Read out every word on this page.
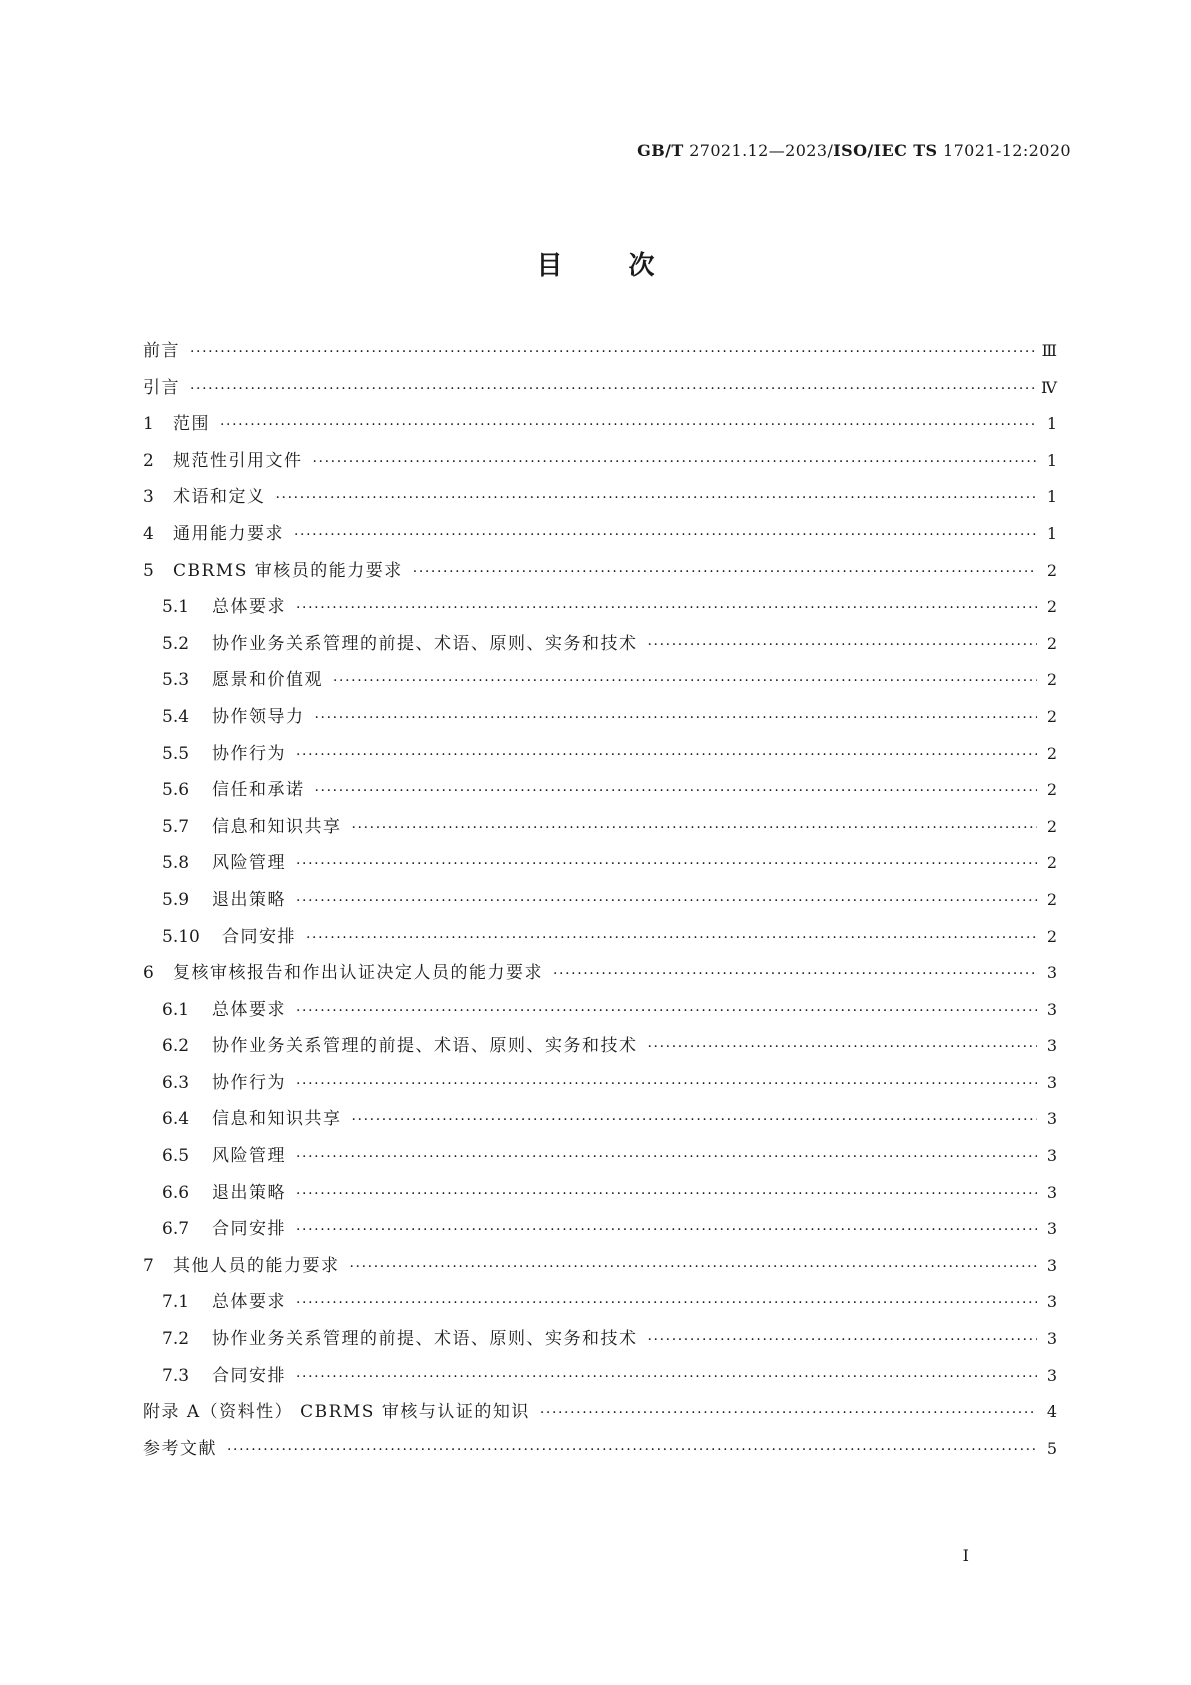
GB/T 27021.12—2023/ISO/IEC TS 17021-12:2020
目次
前言 ·····	Ⅲ
引言 ·····	Ⅳ
1	范围 ·····	1
2	规范性引用文件 ·····	1
3	术语和定义 ·····	1
4	通用能力要求 ·····	1
5	CBRMS 审核员的能力要求 ·····	2
5.1	总体要求 ·····	2
5.2	协作业务关系管理的前提、术语、原则、实务和技术 ·····	2
5.3	愿景和价值观 ·····	2
5.4	协作领导力 ·····	2
5.5	协作行为 ·····	2
5.6	信任和承诺 ·····	2
5.7	信息和知识共享 ·····	2
5.8	风险管理 ·····	2
5.9	退出策略 ·····	2
5.10	合同安排 ·····	2
6	复核审核报告和作出认证决定人员的能力要求 ·····	3
6.1	总体要求 ·····	3
6.2	协作业务关系管理的前提、术语、原则、实务和技术 ·····	3
6.3	协作行为 ·····	3
6.4	信息和知识共享 ·····	3
6.5	风险管理 ·····	3
6.6	退出策略 ·····	3
6.7	合同安排 ·····	3
7	其他人员的能力要求 ·····	3
7.1	总体要求 ·····	3
7.2	协作业务关系管理的前提、术语、原则、实务和技术 ·····	3
7.3	合同安排 ·····	3
附录 A（资料性） CBRMS 审核与认证的知识 ·····	4
参考文献 ·····	5
Ⅰ
